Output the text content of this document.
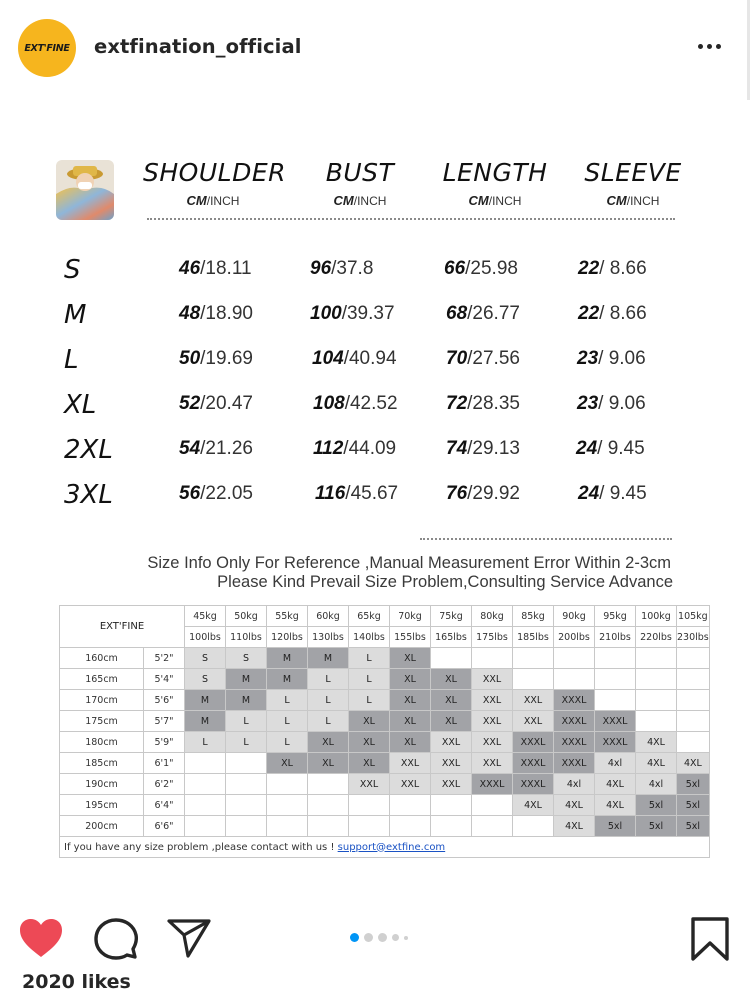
EXT'FINE extfination_official
SHOULDER
CM/INCH
BUST
CM/INCH
LENGTH
CM/INCH
SLEEVE
CM/INCH
S	46/18.11	96/37.8	66/25.98	22/ 8.66
M	48/18.90	100/39.37	68/26.77	22/ 8.66
L	50/19.69	104/40.94	70/27.56	23/ 9.06
XL	52/20.47	108/42.52	72/28.35	23/ 9.06
2XL	54/21.26	112/44.09	74/29.13	24/ 9.45
3XL	56/22.05	116/45.67	76/29.92	24/ 9.45
Size Info Only For Reference ,Manual Measurement Error Within 2-3cm
Please Kind Prevail Size Problem,Consulting Service Advance
EXT'FINE		45kg	50kg	55kg	60kg	65kg	70kg	75kg	80kg	85kg	90kg	95kg	100kg	105kg
		100lbs	110lbs	120lbs	130lbs	140lbs	155lbs	165lbs	175lbs	185lbs	200lbs	210lbs	220lbs	230lbs
160cm	5'2"	S	S	M	M	L	XL							
165cm	5'4"	S	M	M	L	L	XL	XL	XXL					
170cm	5'6"	M	M	L	L	L	XL	XL	XXL	XXL	XXXL			
175cm	5'7"	M	L	L	L	XL	XL	XL	XXL	XXL	XXXL	XXXL		
180cm	5'9"	L	L	L	XL	XL	XL	XXL	XXL	XXXL	XXXL	XXXL	4XL	
185cm	6'1"			XL	XL	XL	XXL	XXL	XXL	XXXL	XXXL	4xl	4XL	4XL
190cm	6'2"					XXL	XXL	XXL	XXXL	XXXL	4xl	4XL	4xl	5xl
195cm	6'4"									4XL	4XL	4XL	5xl	5xl
200cm	6'6"										4XL	5xl	5xl	5xl
If you have any size problem ,please contact with us ! support@extfine.com														
2020 likes
